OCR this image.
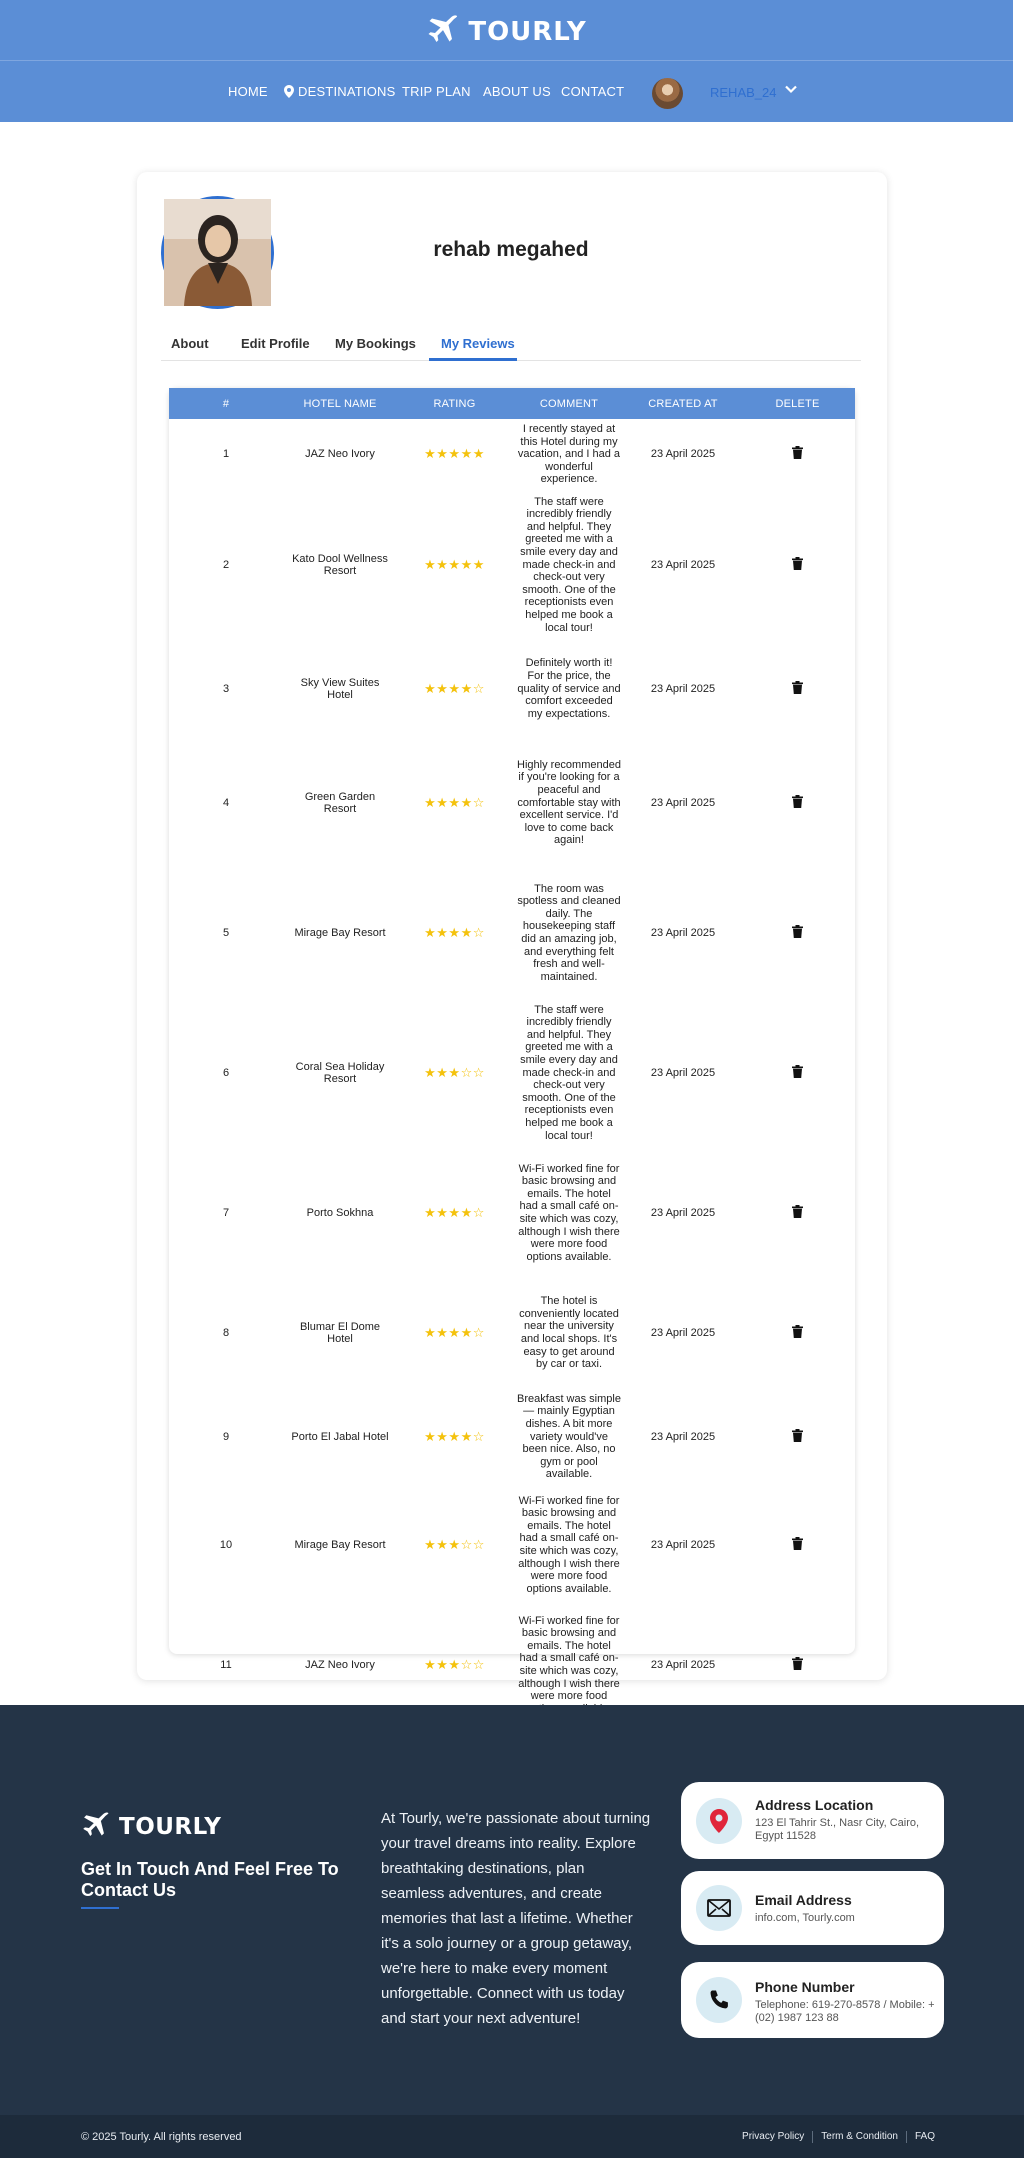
TOURLY
HOME DESTINATIONS TRIP PLAN ABOUT US CONTACT	REHAB_24
rehab megahed
About Edit Profile My Bookings My Reviews
#	HOTEL NAME	RATING	COMMENT	CREATED AT	DELETE
1	JAZ Neo Ivory	★★★★★	I recently stayed at this Hotel during my vacation, and I had a wonderful experience.	23 April 2025	
2	Kato Dool Wellness Resort	★★★★★	The staff were incredibly friendly and helpful. They greeted me with a smile every day and made check-in and check-out very smooth. One of the receptionists even helped me book a local tour!	23 April 2025	
3	Sky View Suites Hotel	★★★★☆	Definitely worth it! For the price, the quality of service and comfort exceeded my expectations.	23 April 2025	
4	Green Garden Resort	★★★★☆	Highly recommended if you're looking for a peaceful and comfortable stay with excellent service. I'd love to come back again!	23 April 2025	
5	Mirage Bay Resort	★★★★☆	The room was spotless and cleaned daily. The housekeeping staff did an amazing job, and everything felt fresh and well-maintained.	23 April 2025	
6	Coral Sea Holiday Resort	★★★☆☆	The staff were incredibly friendly and helpful. They greeted me with a smile every day and made check-in and check-out very smooth. One of the receptionists even helped me book a local tour!	23 April 2025	
7	Porto Sokhna	★★★★☆	Wi-Fi worked fine for basic browsing and emails. The hotel had a small café on-site which was cozy, although I wish there were more food options available.	23 April 2025	
8	Blumar El Dome Hotel	★★★★☆	The hotel is conveniently located near the university and local shops. It's easy to get around by car or taxi.	23 April 2025	
9	Porto El Jabal Hotel	★★★★☆	Breakfast was simple — mainly Egyptian dishes. A bit more variety would've been nice. Also, no gym or pool available.	23 April 2025	
10	Mirage Bay Resort	★★★☆☆	Wi-Fi worked fine for basic browsing and emails. The hotel had a small café on-site which was cozy, although I wish there were more food options available.	23 April 2025	
11	JAZ Neo Ivory	★★★☆☆	Wi-Fi worked fine for basic browsing and emails. The hotel had a small café on-site which was cozy, although I wish there were more food	23 April 2025	
TOURLY
Get In Touch And Feel Free To Contact Us
At Tourly, we're passionate about turning your travel dreams into reality. Explore breathtaking destinations, plan seamless adventures, and create memories that last a lifetime. Whether it's a solo journey or a group getaway, we're here to make every moment unforgettable. Connect with us today and start your next adventure!
Address Location
123 El Tahrir St., Nasr City, Cairo, Egypt 11528
Email Address
info.com, Tourly.com
Phone Number
Telephone: 619-270-8578 / Mobile: +(02) 1987 123 88
© 2025 Tourly. All rights reserved	Privacy Policy	Term & Condition	FAQ
